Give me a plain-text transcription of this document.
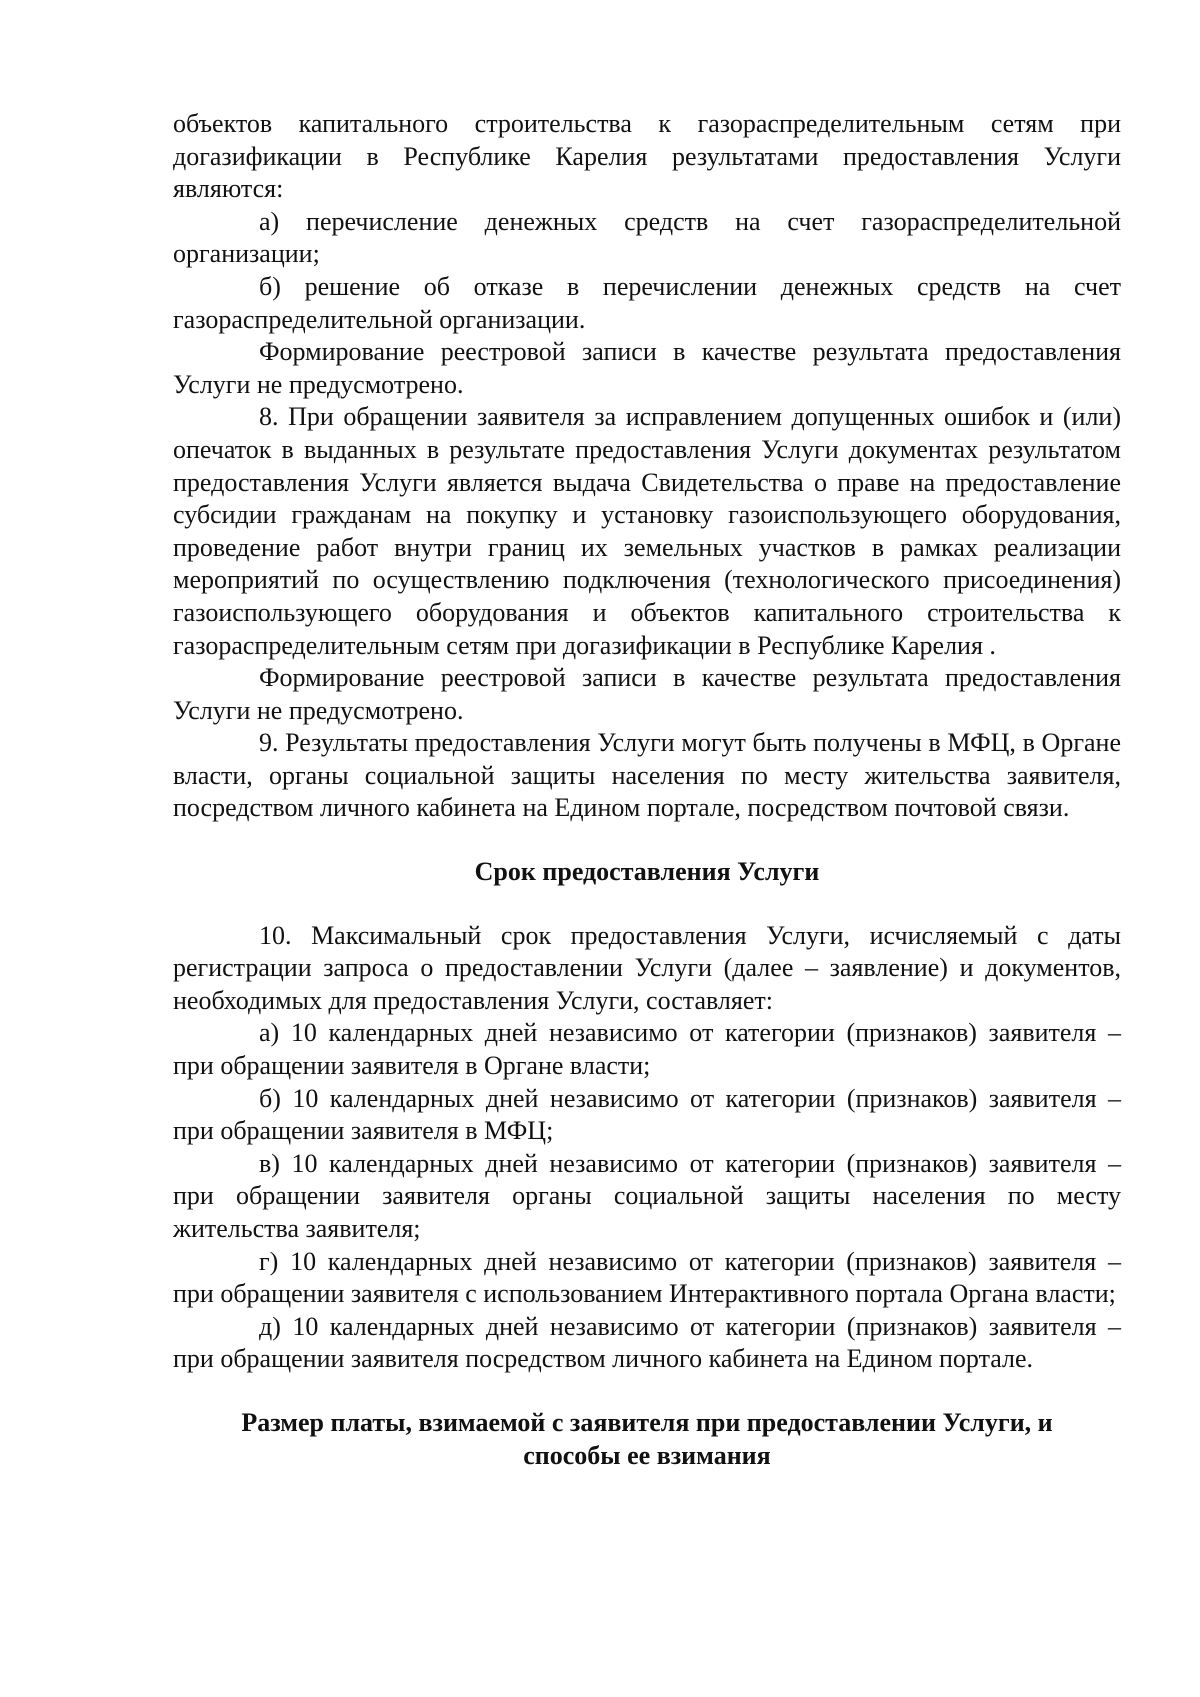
объектов капитального строительства к газораспределительным сетям при догазификации в Республике Карелия результатами предоставления Услуги являются:

а) перечисление денежных средств на счет газораспределительной организации;

б) решение об отказе в перечислении денежных средств на счет газораспределительной организации.

Формирование реестровой записи в качестве результата предоставления Услуги не предусмотрено.

8. При обращении заявителя за исправлением допущенных ошибок и (или) опечаток в выданных в результате предоставления Услуги документах результатом предоставления Услуги является выдача Свидетельства о праве на предоставление субсидии гражданам на покупку и установку газоиспользующего оборудования, проведение работ внутри границ их земельных участков в рамках реализации мероприятий по осуществлению подключения (технологического присоединения) газоиспользующего оборудования и объектов капитального строительства к газораспределительным сетям при догазификации в Республике Карелия .

Формирование реестровой записи в качестве результата предоставления Услуги не предусмотрено.

9. Результаты предоставления Услуги могут быть получены в МФЦ, в Органе власти, органы социальной защиты населения по месту жительства заявителя, посредством личного кабинета на Едином портале, посредством почтовой связи.

Срок предоставления Услуги

10. Максимальный срок предоставления Услуги, исчисляемый с даты регистрации запроса о предоставлении Услуги (далее – заявление) и документов, необходимых для предоставления Услуги, составляет:

а) 10 календарных дней независимо от категории (признаков) заявителя – при обращении заявителя в Органе власти;

б) 10 календарных дней независимо от категории (признаков) заявителя – при обращении заявителя в МФЦ;

в) 10 календарных дней независимо от категории (признаков) заявителя – при обращении заявителя органы социальной защиты населения по месту жительства заявителя;

г) 10 календарных дней независимо от категории (признаков) заявителя – при обращении заявителя с использованием Интерактивного портала Органа власти;

д) 10 календарных дней независимо от категории (признаков) заявителя – при обращении заявителя посредством личного кабинета на Едином портале.

Размер платы, взимаемой с заявителя при предоставлении Услуги, и
способы ее взимания
